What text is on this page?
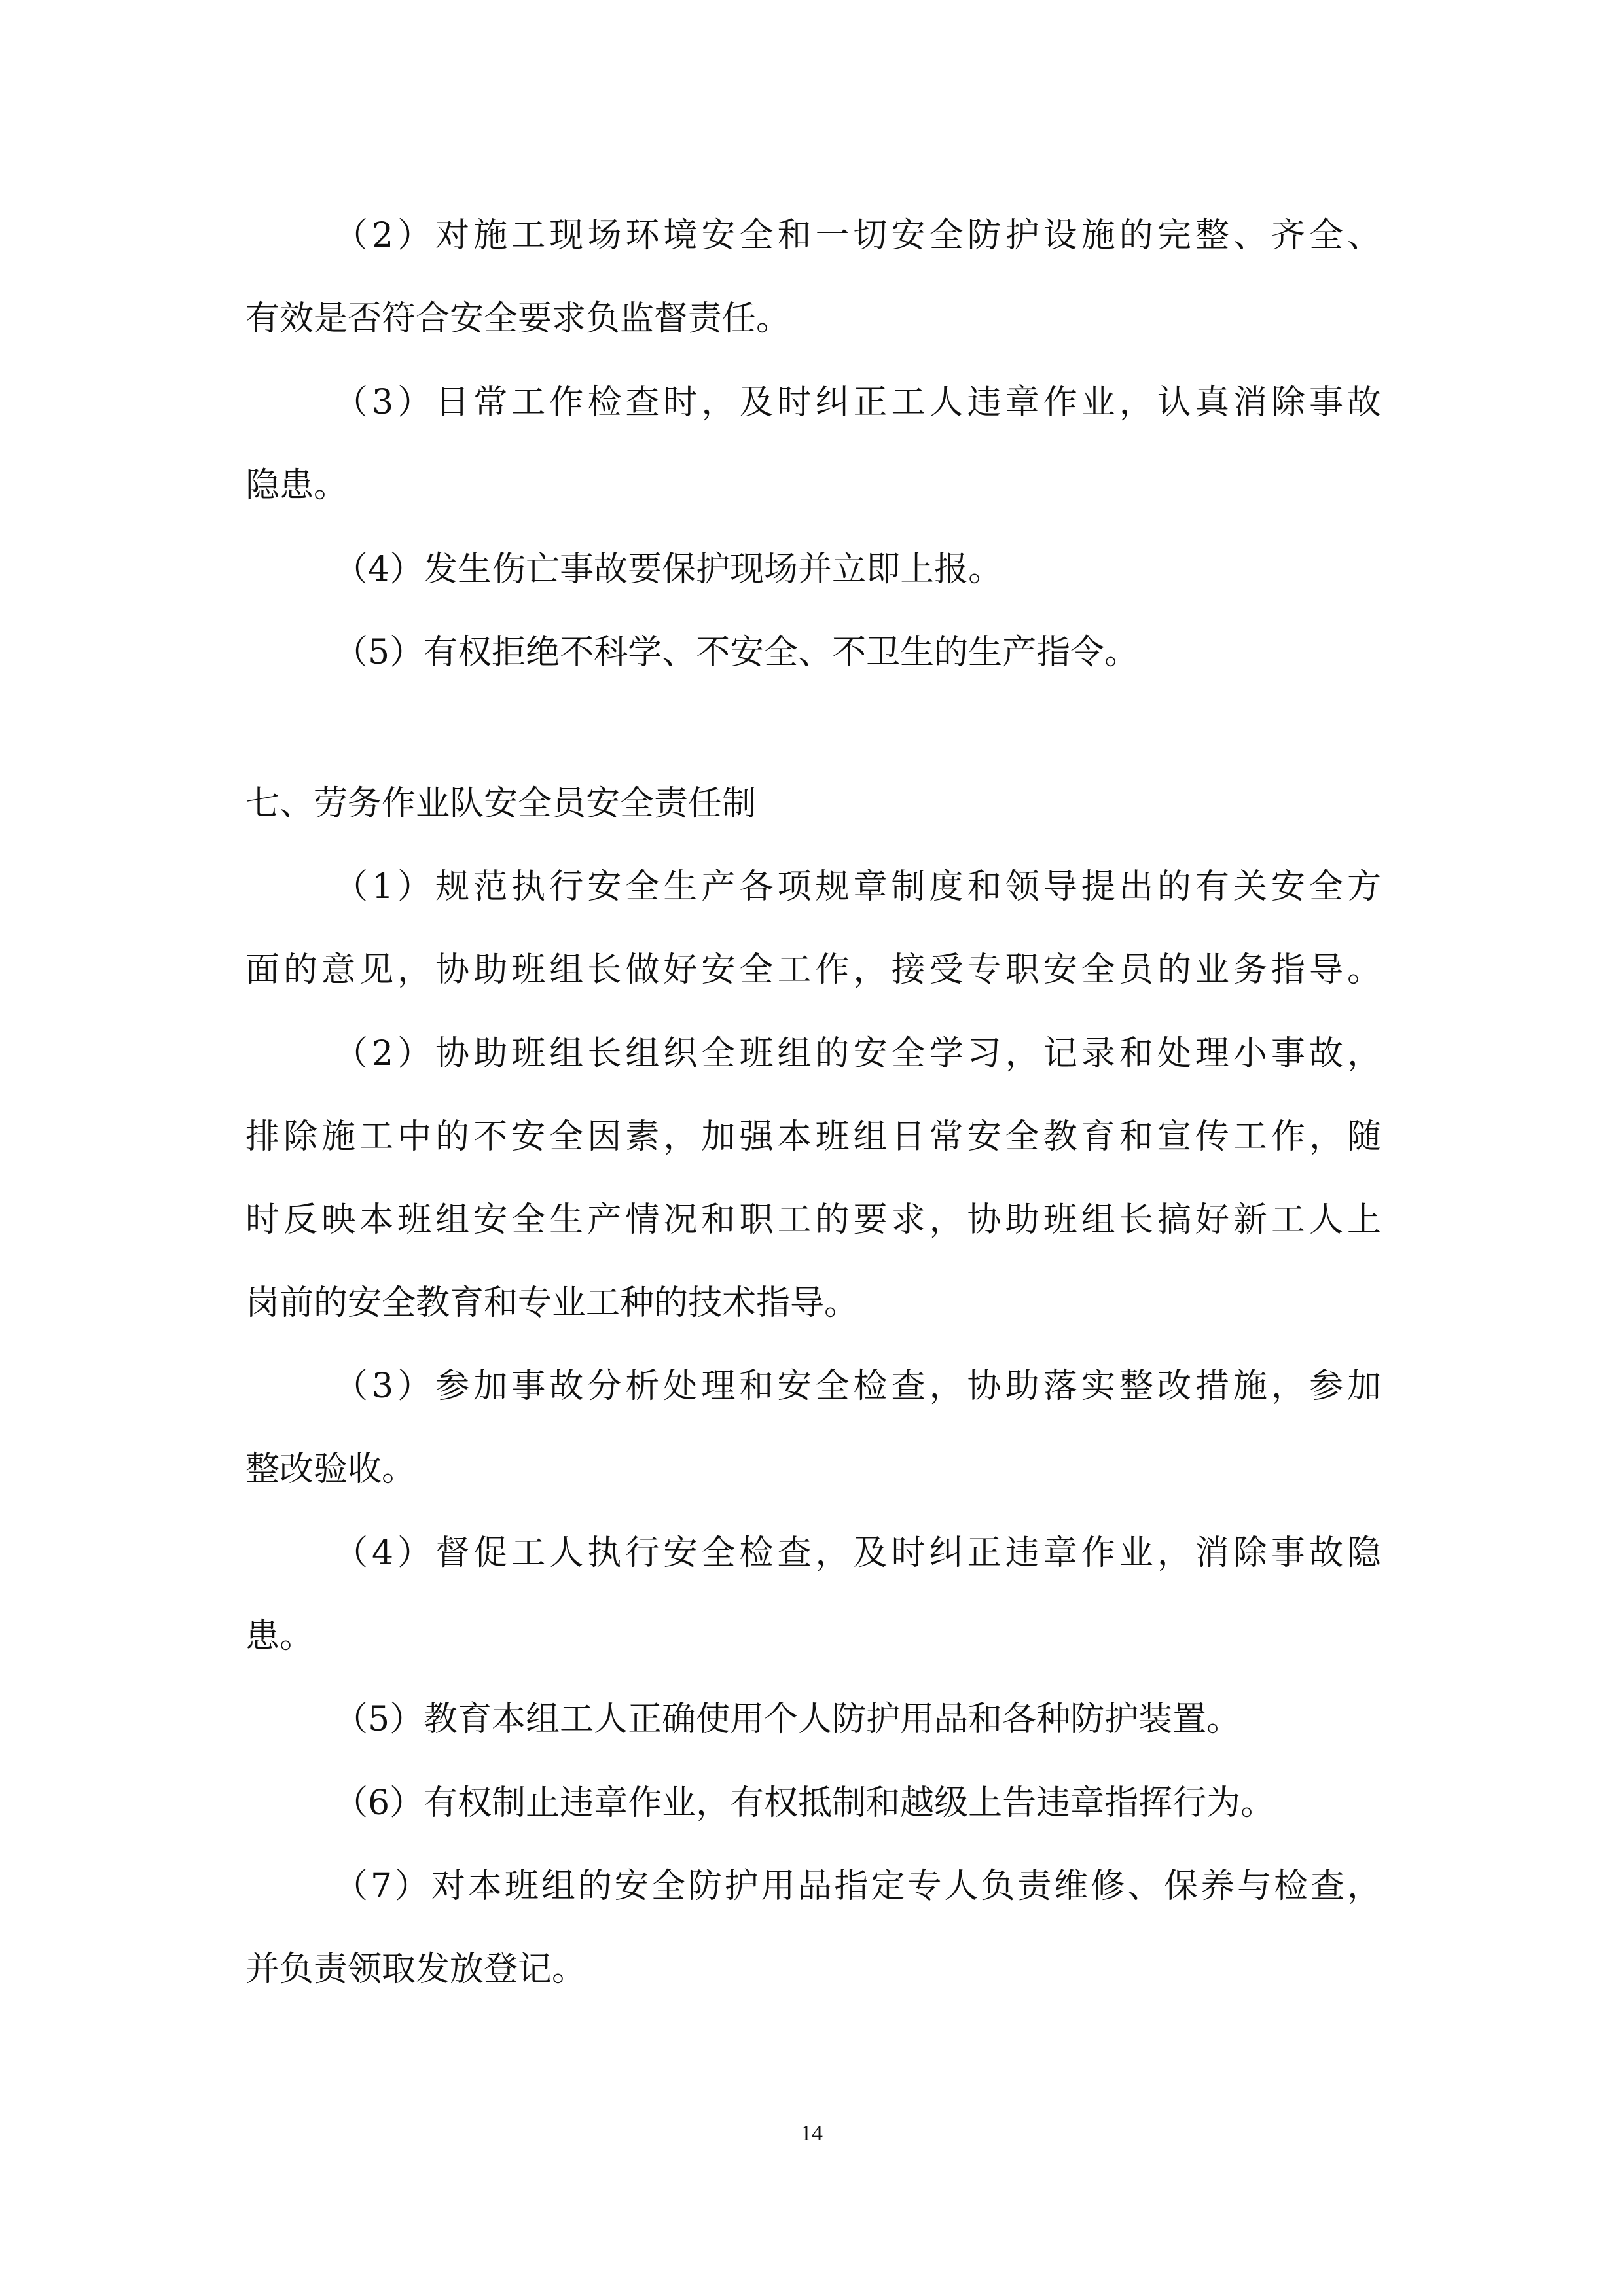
（2）对施工现场环境安全和一切安全防护设施的完整、齐全、
有效是否符合安全要求负监督责任。
（3）日常工作检查时，及时纠正工人违章作业，认真消除事故
隐患。
（4）发生伤亡事故要保护现场并立即上报。
（5）有权拒绝不科学、不安全、不卫生的生产指令。
七、劳务作业队安全员安全责任制
（1）规范执行安全生产各项规章制度和领导提出的有关安全方
面的意见，协助班组长做好安全工作，接受专职安全员的业务指导。
（2）协助班组长组织全班组的安全学习，记录和处理小事故，
排除施工中的不安全因素，加强本班组日常安全教育和宣传工作，随
时反映本班组安全生产情况和职工的要求，协助班组长搞好新工人上
岗前的安全教育和专业工种的技术指导。
（3）参加事故分析处理和安全检查，协助落实整改措施，参加
整改验收。
（4）督促工人执行安全检查，及时纠正违章作业，消除事故隐
患。
（5）教育本组工人正确使用个人防护用品和各种防护装置。
（6）有权制止违章作业，有权抵制和越级上告违章指挥行为。
（7）对本班组的安全防护用品指定专人负责维修、保养与检查，
并负责领取发放登记。
14
